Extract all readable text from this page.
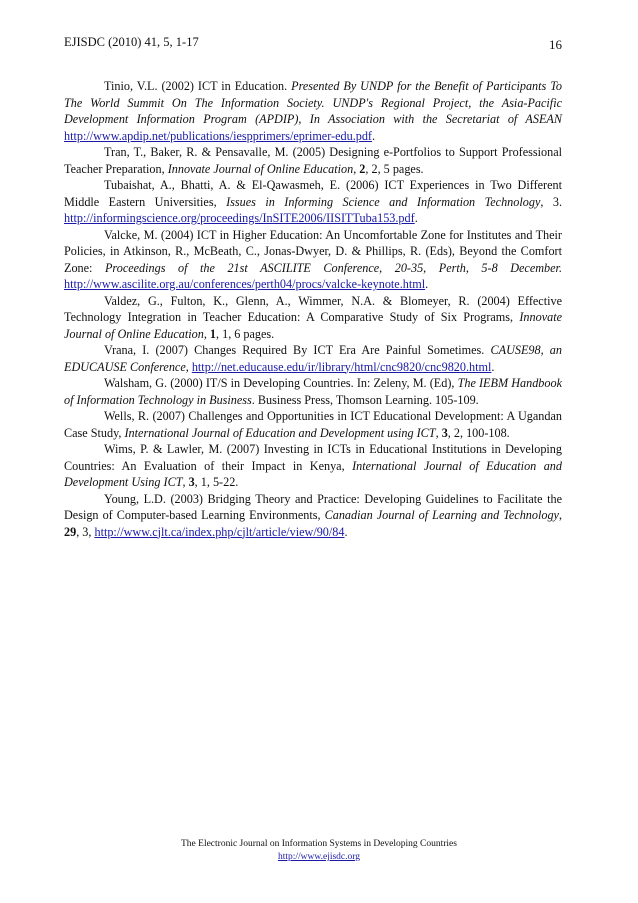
EJISDC (2010) 41, 5, 1-17	16

Tinio, V.L. (2002) ICT in Education. Presented By UNDP for the Benefit of Participants To The World Summit On The Information Society. UNDP's Regional Project, the Asia-Pacific Development Information Program (APDIP), In Association with the Secretariat of ASEAN http://www.apdip.net/publications/iespprimers/eprimer-edu.pdf.

Tran, T., Baker, R. & Pensavalle, M. (2005) Designing e-Portfolios to Support Professional Teacher Preparation, Innovate Journal of Online Education, 2, 2, 5 pages.

Tubaishat, A., Bhatti, A. & El-Qawasmeh, E. (2006) ICT Experiences in Two Different Middle Eastern Universities, Issues in Informing Science and Information Technology, 3. http://informingscience.org/proceedings/InSITE2006/IISITTuba153.pdf.

Valcke, M. (2004) ICT in Higher Education: An Uncomfortable Zone for Institutes and Their Policies, in Atkinson, R., McBeath, C., Jonas-Dwyer, D. & Phillips, R. (Eds), Beyond the Comfort Zone: Proceedings of the 21st ASCILITE Conference, 20-35, Perth, 5-8 December. http://www.ascilite.org.au/conferences/perth04/procs/valcke-keynote.html.

Valdez, G., Fulton, K., Glenn, A., Wimmer, N.A. & Blomeyer, R. (2004) Effective Technology Integration in Teacher Education: A Comparative Study of Six Programs, Innovate Journal of Online Education, 1, 1, 6 pages.

Vrana, I. (2007) Changes Required By ICT Era Are Painful Sometimes. CAUSE98, an EDUCAUSE Conference, http://net.educause.edu/ir/library/html/cnc9820/cnc9820.html.

Walsham, G. (2000) IT/S in Developing Countries. In: Zeleny, M. (Ed), The IEBM Handbook of Information Technology in Business. Business Press, Thomson Learning. 105-109.

Wells, R. (2007) Challenges and Opportunities in ICT Educational Development: A Ugandan Case Study, International Journal of Education and Development using ICT, 3, 2, 100-108.

Wims, P. & Lawler, M. (2007) Investing in ICTs in Educational Institutions in Developing Countries: An Evaluation of their Impact in Kenya, International Journal of Education and Development Using ICT, 3, 1, 5-22.

Young, L.D. (2003) Bridging Theory and Practice: Developing Guidelines to Facilitate the Design of Computer-based Learning Environments, Canadian Journal of Learning and Technology, 29, 3, http://www.cjlt.ca/index.php/cjlt/article/view/90/84.

The Electronic Journal on Information Systems in Developing Countries
http://www.ejisdc.org
